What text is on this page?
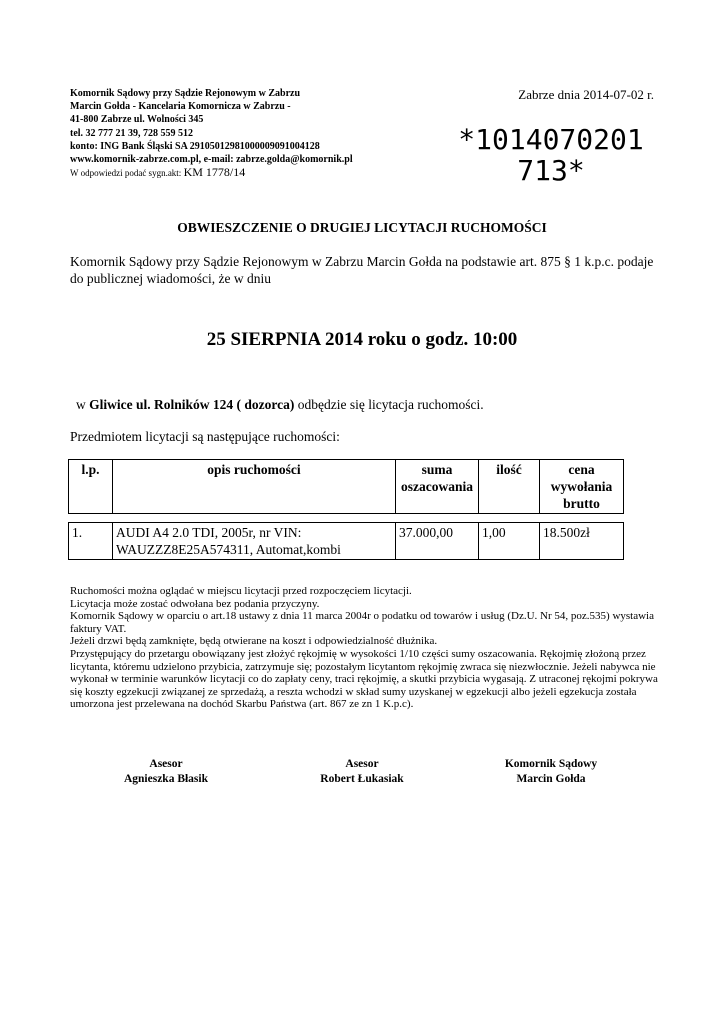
Komornik Sądowy przy Sądzie Rejonowym w Zabrzu
Marcin Gołda - Kancelaria Komornicza w Zabrzu -
41-800 Zabrze ul. Wolności 345
tel. 32 777 21 39, 728 559 512
konto: ING Bank Śląski SA 29105012981000009091004128
www.komornik-zabrze.com.pl, e-mail: zabrze.golda@komornik.pl
W odpowiedzi podać sygn.akt: KM 1778/14
Zabrze dnia 2014-07-02 r.
*1014070201
713*
OBWIESZCZENIE O DRUGIEJ LICYTACJI RUCHOMOŚCI
Komornik Sądowy przy Sądzie Rejonowym w Zabrzu Marcin Gołda na podstawie art. 875 § 1 k.p.c. podaje do publicznej wiadomości, że w dniu
25 SIERPNIA 2014 roku o godz. 10:00
w Gliwice ul. Rolników 124 ( dozorca) odbędzie się licytacja ruchomości.
Przedmiotem licytacji są następujące ruchomości:
l.p.	opis ruchomości	suma oszacowania	ilość	cena wywołania brutto
1.	AUDI A4 2.0 TDI, 2005r, nr VIN: WAUZZZ8E25A574311, Automat,kombi	37.000,00	1,00	18.500zł
Ruchomości można oglądać w miejscu licytacji przed rozpoczęciem licytacji.
Licytacja może zostać odwołana bez podania przyczyny.
Komornik Sądowy w oparciu o art.18 ustawy z dnia 11 marca 2004r o podatku od towarów i usług (Dz.U. Nr 54, poz.535) wystawia faktury VAT.
Jeżeli drzwi będą zamknięte, będą otwierane na koszt i odpowiedzialność dłużnika.
Przystępujący do przetargu obowiązany jest złożyć rękojmię w wysokości 1/10 części sumy oszacowania. Rękojmię złożoną przez licytanta, któremu udzielono przybicia, zatrzymuje się; pozostałym licytantom rękojmię zwraca się niezwłocznie. Jeżeli nabywca nie wykonał w terminie warunków licytacji co do zapłaty ceny, traci rękojmię, a skutki przybicia wygasają. Z utraconej rękojmi pokrywa się koszty egzekucji związanej ze sprzedażą, a reszta wchodzi w skład sumy uzyskanej w egzekucji albo jeżeli egzekucja została umorzona jest przelewana na dochód Skarbu Państwa (art. 867 ze zn 1 K.p.c).
Asesor
Agnieszka Błasik
Asesor
Robert Łukasiak
Komornik Sądowy
Marcin Gołda
